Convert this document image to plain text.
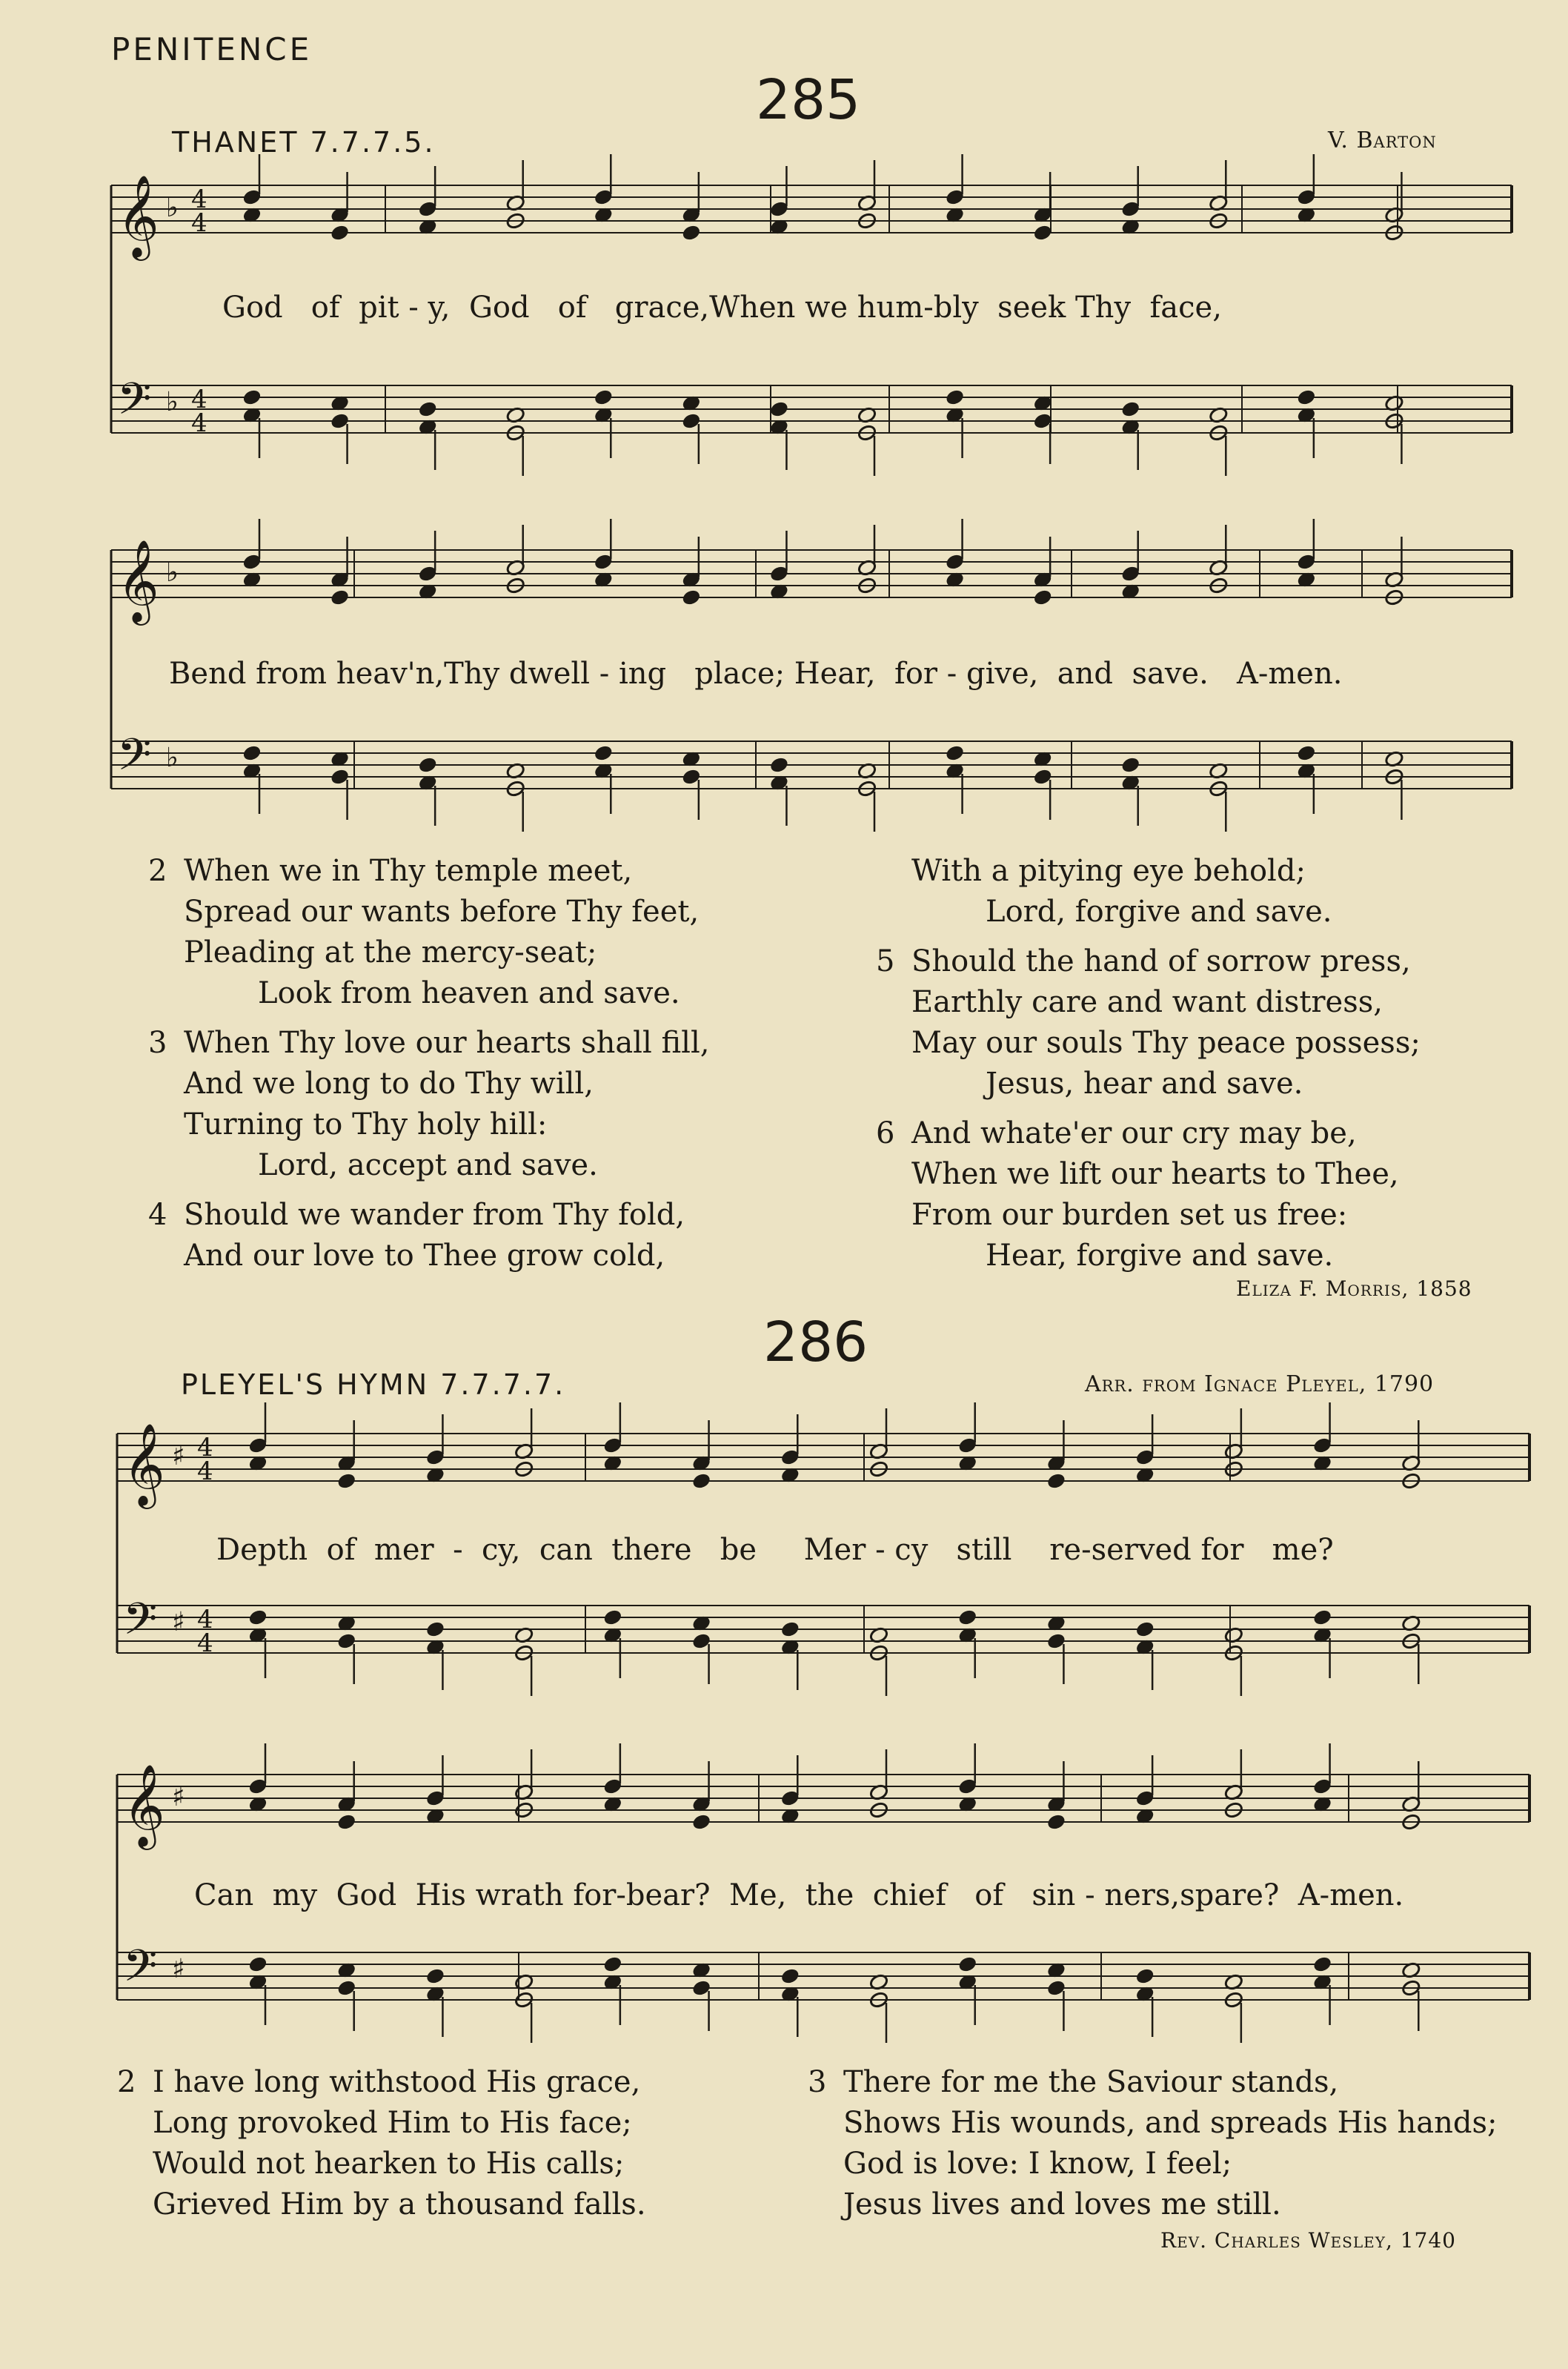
PENITENCE
285
THANET 7.7.7.5.	V. Barton
𝄞
𝄢
♭
♭
4
4
4
4
𝄞
𝄢
♭
♭
𝄞
𝄢
♯
♯
4
4
4
4
𝄞
𝄢
♯
♯
God   of  pit - y,  God   of   grace,When we hum-bly  seek Thy  face,
Bend from heav'n,Thy dwell - ing   place; Hear,  for - give,  and  save.   A-men.
2 When we in Thy temple meet,
Spread our wants before Thy feet,
Pleading at the mercy-seat;
Look from heaven and save.
3 When Thy love our hearts shall fill,
And we long to do Thy will,
Turning to Thy holy hill:
Lord, accept and save.
4 Should we wander from Thy fold,
And our love to Thee grow cold,
With a pitying eye behold;
Lord, forgive and save.
5 Should the hand of sorrow press,
Earthly care and want distress,
May our souls Thy peace possess;
Jesus, hear and save.
6 And whate'er our cry may be,
When we lift our hearts to Thee,
From our burden set us free:
Hear, forgive and save.
Eliza F. Morris, 1858
286
PLEYEL'S HYMN 7.7.7.7.	Arr. from Ignace Pleyel, 1790
Depth  of  mer  -  cy,  can  there   be     Mer - cy   still    re-served for   me?
Can  my  God  His wrath for-bear?  Me,  the  chief   of   sin - ners,spare?  A-men.
2 I have long withstood His grace,
Long provoked Him to His face;
Would not hearken to His calls;
Grieved Him by a thousand falls.
3 There for me the Saviour stands,
Shows His wounds, and spreads His hands;
God is love: I know, I feel;
Jesus lives and loves me still.
Rev. Charles Wesley, 1740
